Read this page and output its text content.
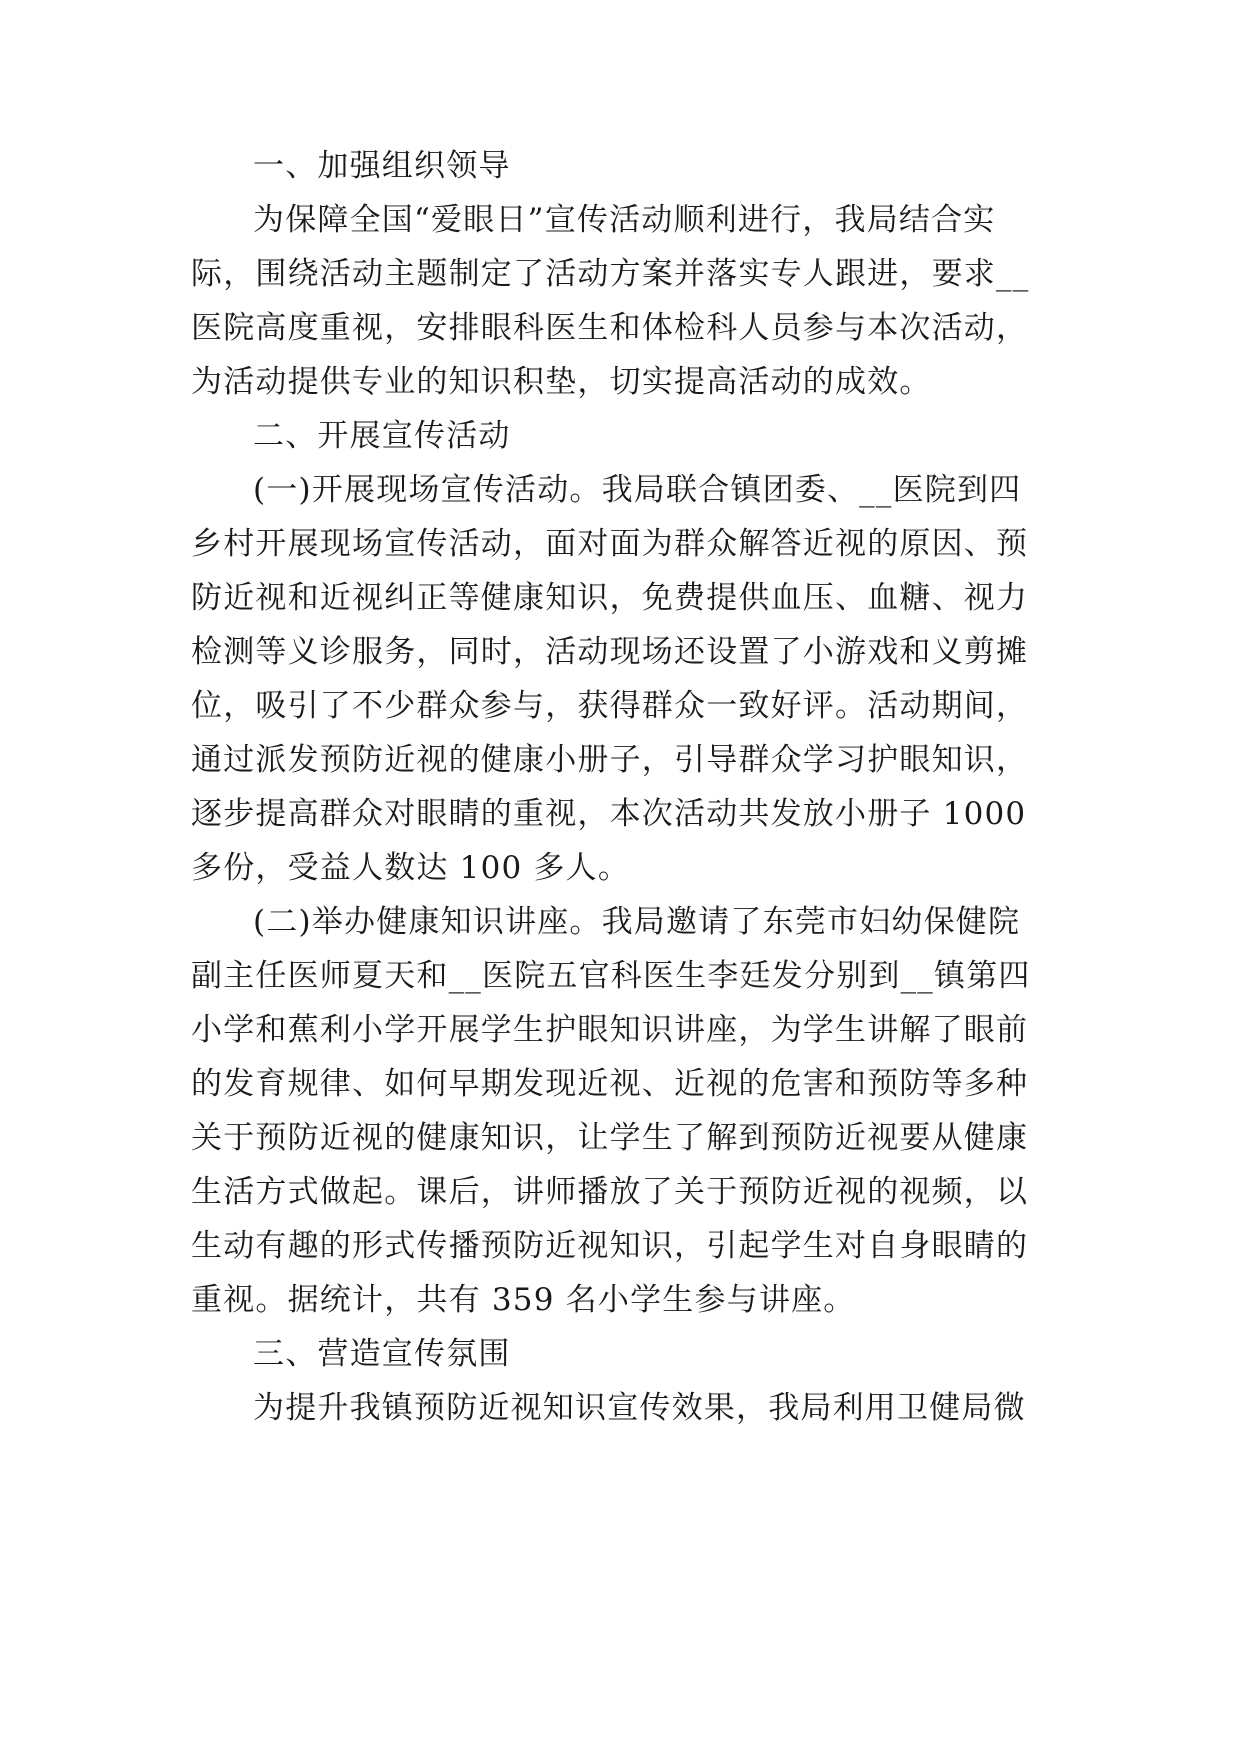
一、加强组织领导
为保障全国“爱眼日”宣传活动顺利进行，我局结合实
际，围绕活动主题制定了活动方案并落实专人跟进，要求__
医院高度重视，安排眼科医生和体检科人员参与本次活动，
为活动提供专业的知识积垫，切实提高活动的成效。
二、开展宣传活动
(一)开展现场宣传活动。我局联合镇团委、__医院到四
乡村开展现场宣传活动，面对面为群众解答近视的原因、预
防近视和近视纠正等健康知识，免费提供血压、血糖、视力
检测等义诊服务，同时，活动现场还设置了小游戏和义剪摊
位，吸引了不少群众参与，获得群众一致好评。活动期间，
通过派发预防近视的健康小册子，引导群众学习护眼知识，
逐步提高群众对眼睛的重视，本次活动共发放小册子 1000
多份，受益人数达 100 多人。
(二)举办健康知识讲座。我局邀请了东莞市妇幼保健院
副主任医师夏天和__医院五官科医生李廷发分别到__镇第四
小学和蕉利小学开展学生护眼知识讲座，为学生讲解了眼前
的发育规律、如何早期发现近视、近视的危害和预防等多种
关于预防近视的健康知识，让学生了解到预防近视要从健康
生活方式做起。课后，讲师播放了关于预防近视的视频，以
生动有趣的形式传播预防近视知识，引起学生对自身眼睛的
重视。据统计，共有 359 名小学生参与讲座。
三、营造宣传氛围
为提升我镇预防近视知识宣传效果，我局利用卫健局微
